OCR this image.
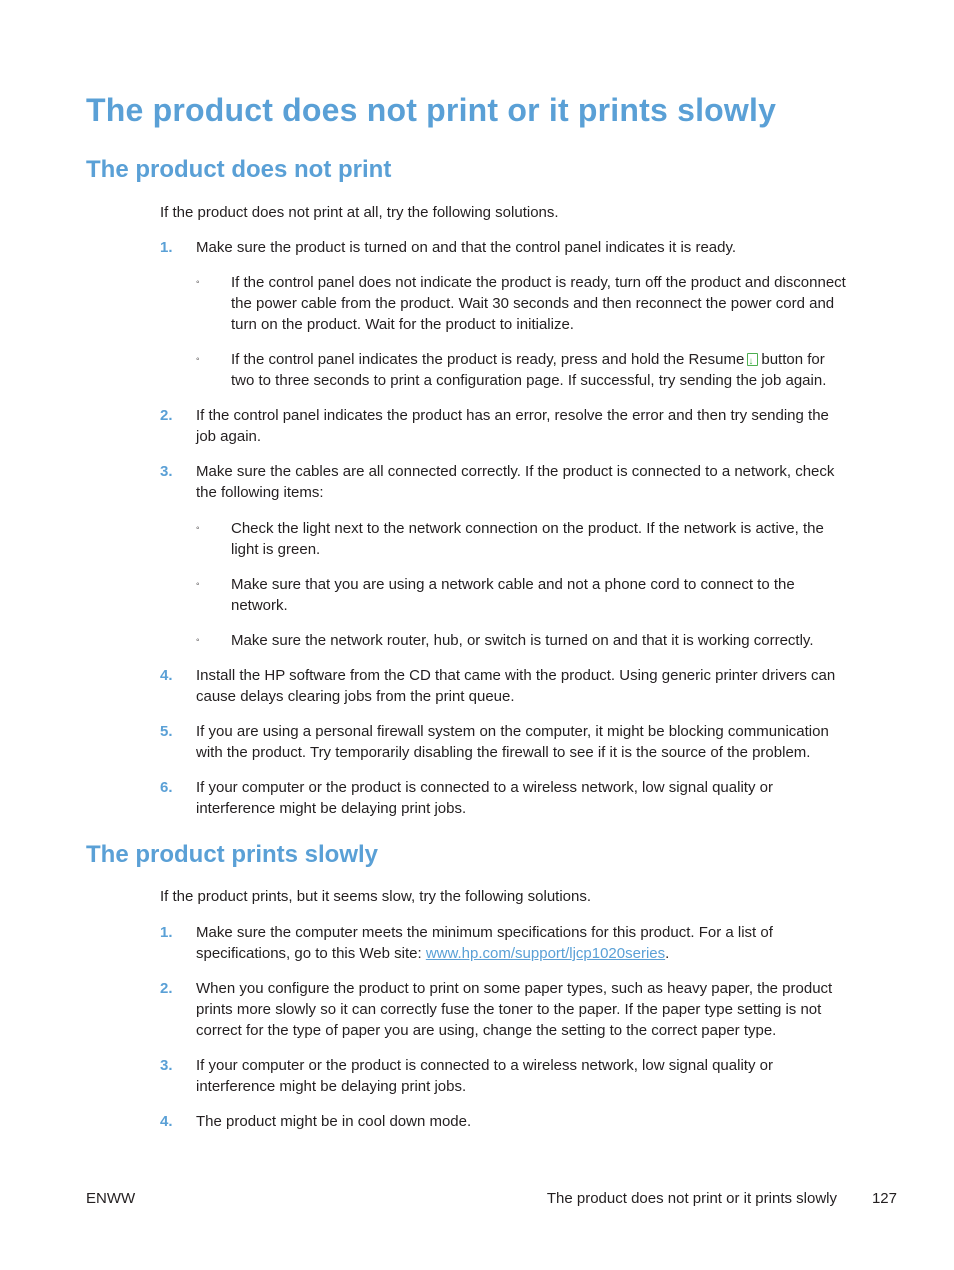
The product does not print or it prints slowly
The product does not print
If the product does not print at all, try the following solutions.
1. Make sure the product is turned on and that the control panel indicates it is ready.
◦ If the control panel does not indicate the product is ready, turn off the product and disconnect
the power cable from the product. Wait 30 seconds and then reconnect the power cord and
turn on the product. Wait for the product to initialize.
◦ If the control panel indicates the product is ready, press and hold the Resume ↓ button for
two to three seconds to print a configuration page. If successful, try sending the job again.
2. If the control panel indicates the product has an error, resolve the error and then try sending the
job again.
3. Make sure the cables are all connected correctly. If the product is connected to a network, check
the following items:
◦ Check the light next to the network connection on the product. If the network is active, the
light is green.
◦ Make sure that you are using a network cable and not a phone cord to connect to the
network.
◦ Make sure the network router, hub, or switch is turned on and that it is working correctly.
4. Install the HP software from the CD that came with the product. Using generic printer drivers can
cause delays clearing jobs from the print queue.
5. If you are using a personal firewall system on the computer, it might be blocking communication
with the product. Try temporarily disabling the firewall to see if it is the source of the problem.
6. If your computer or the product is connected to a wireless network, low signal quality or
interference might be delaying print jobs.
The product prints slowly
If the product prints, but it seems slow, try the following solutions.
1. Make sure the computer meets the minimum specifications for this product. For a list of
specifications, go to this Web site: www.hp.com/support/ljcp1020series.
2. When you configure the product to print on some paper types, such as heavy paper, the product
prints more slowly so it can correctly fuse the toner to the paper. If the paper type setting is not
correct for the type of paper you are using, change the setting to the correct paper type.
3. If your computer or the product is connected to a wireless network, low signal quality or
interference might be delaying print jobs.
4. The product might be in cool down mode.
ENWW	The product does not print or it prints slowly 127
